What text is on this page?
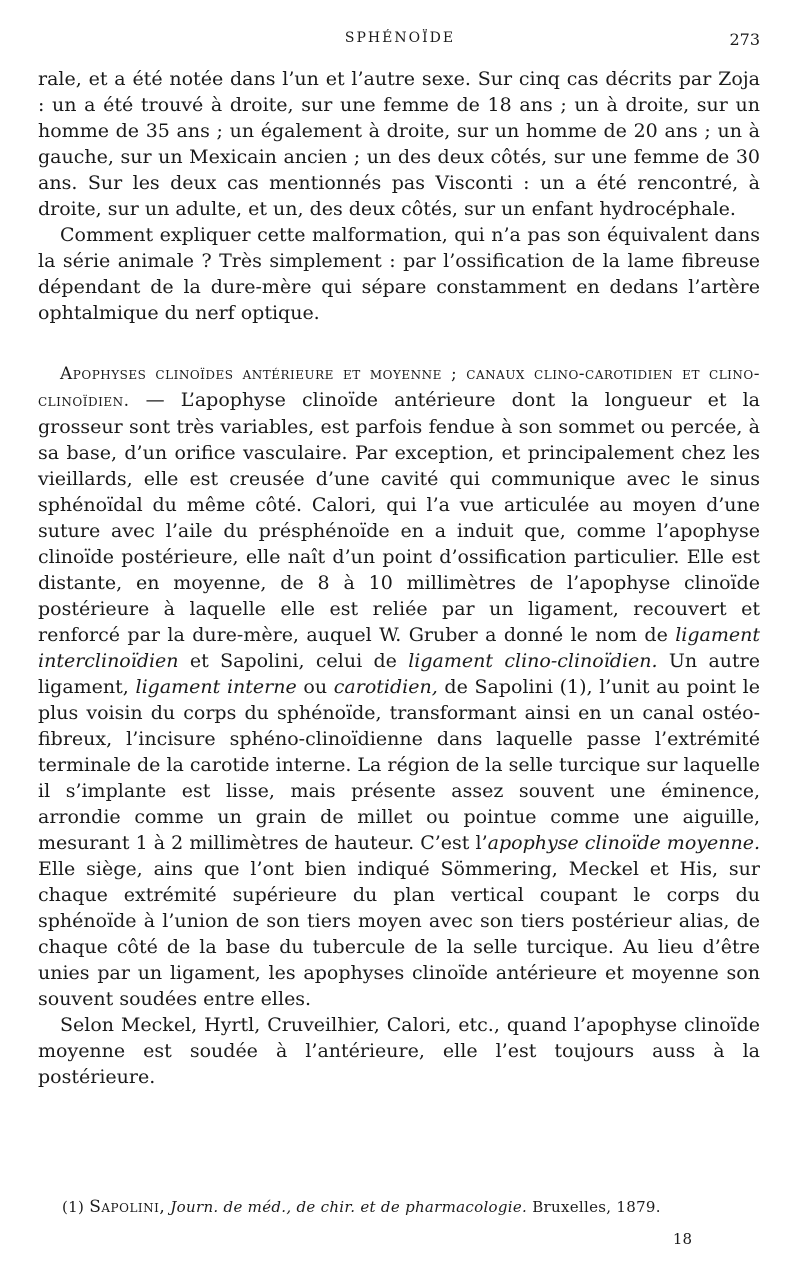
SPHÉNOÏDE	273

rale, et a été notée dans l’un et l’autre sexe. Sur cinq cas décrits par Zoja : un a été trouvé à droite, sur une femme de 18 ans ; un à droite, sur un homme de 35 ans ; un également à droite, sur un homme de 20 ans ; un à gauche, sur un Mexicain ancien ; un des deux côtés, sur une femme de 30 ans. Sur les deux cas mentionnés pas Visconti : un a été rencontré, à droite, sur un adulte, et un, des deux côtés, sur un enfant hydrocéphale.

Comment expliquer cette malformation, qui n’a pas son équivalent dans la série animale ? Très simplement : par l’ossification de la lame fibreuse dépendant de la dure-mère qui sépare constamment en dedans l’artère ophtalmique du nerf optique.

Apophyses clinoïdes antérieure et moyenne ; canaux clino-carotidien et clino-clinoïdien. — L’apophyse clinoïde antérieure dont la longueur et la grosseur sont très variables, est parfois fendue à son sommet ou percée, à sa base, d’un orifice vasculaire. Par exception, et principalement chez les vieillards, elle est creusée d’une cavité qui communique avec le sinus sphénoïdal du même côté. Calori, qui l’a vue articulée au moyen d’une suture avec l’aile du présphénoïde en a induit que, comme l’apophyse clinoïde postérieure, elle naît d’un point d’ossification particulier. Elle est distante, en moyenne, de 8 à 10 millimètres de l’apophyse clinoïde postérieure à laquelle elle est reliée par un ligament, recouvert et renforcé par la dure-mère, auquel W. Gruber a donné le nom de ligament interclinoïdien et Sapolini, celui de ligament clino-clinoïdien. Un autre ligament, ligament interne ou carotidien, de Sapolini (1), l’unit au point le plus voisin du corps du sphénoïde, transformant ainsi en un canal ostéo-fibreux, l’incisure sphéno-clinoïdienne dans laquelle passe l’extrémité terminale de la carotide interne. La région de la selle turcique sur laquelle il s’implante est lisse, mais présente assez souvent une éminence, arrondie comme un grain de millet ou pointue comme une aiguille, mesurant 1 à 2 millimètres de hauteur. C’est l’apophyse clinoïde moyenne. Elle siège, ains que l’ont bien indiqué Sömmering, Meckel et His, sur chaque extrémité supérieure du plan vertical coupant le corps du sphénoïde à l’union de son tiers moyen avec son tiers postérieur alias, de chaque côté de la base du tubercule de la selle turcique. Au lieu d’être unies par un ligament, les apophyses clinoïde antérieure et moyenne son souvent soudées entre elles.

Selon Meckel, Hyrtl, Cruveilhier, Calori, etc., quand l’apophyse clinoïde moyenne est soudée à l’antérieure, elle l’est toujours auss à la postérieure.

(1) Sapolini, Journ. de méd., de chir. et de pharmacologie. Bruxelles, 1879.
18
